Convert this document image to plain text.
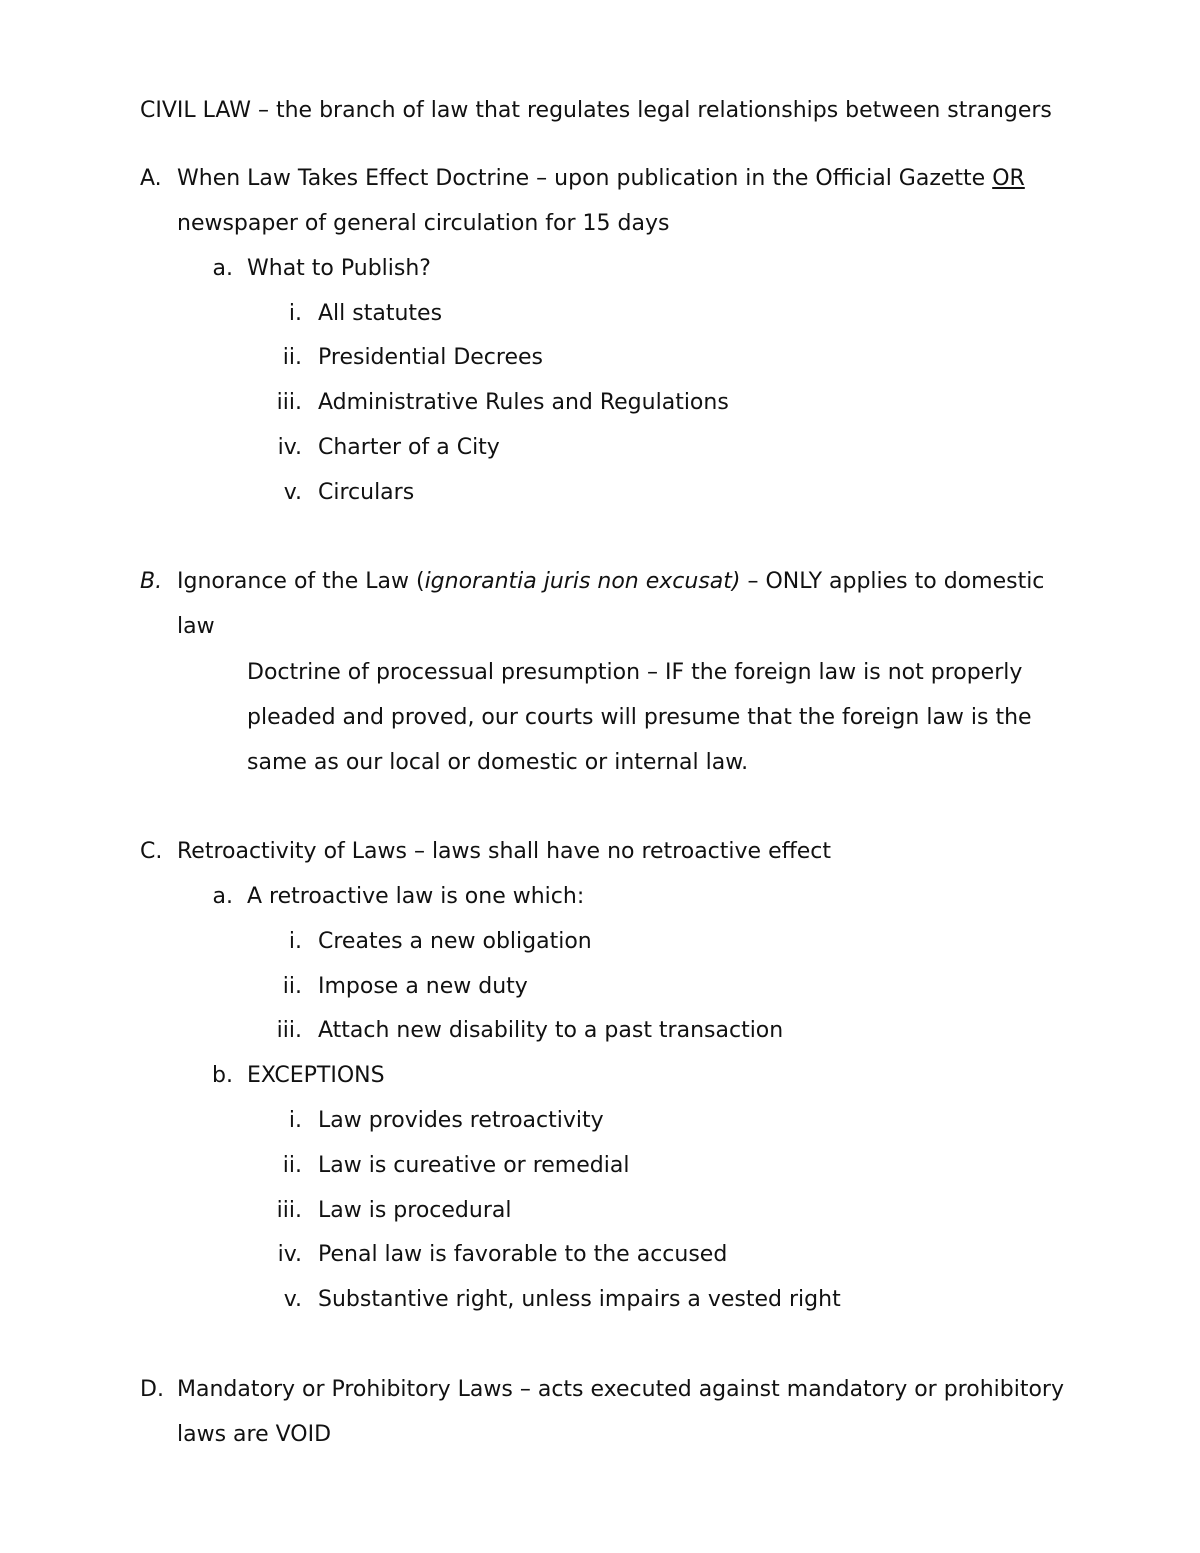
CIVIL LAW – the branch of law that regulates legal relationships between strangers
A. When Law Takes Effect Doctrine – upon publication in the Official Gazette OR
newspaper of general circulation for 15 days
a. What to Publish?
i. All statutes
ii. Presidential Decrees
iii. Administrative Rules and Regulations
iv. Charter of a City
v. Circulars
B. Ignorance of the Law (ignorantia juris non excusat) – ONLY applies to domestic
law
Doctrine of processual presumption – IF the foreign law is not properly
pleaded and proved, our courts will presume that the foreign law is the
same as our local or domestic or internal law.
C. Retroactivity of Laws – laws shall have no retroactive effect
a. A retroactive law is one which:
i. Creates a new obligation
ii. Impose a new duty
iii. Attach new disability to a past transaction
b. EXCEPTIONS
i. Law provides retroactivity
ii. Law is cureative or remedial
iii. Law is procedural
iv. Penal law is favorable to the accused
v. Substantive right, unless impairs a vested right
D. Mandatory or Prohibitory Laws – acts executed against mandatory or prohibitory
laws are VOID
